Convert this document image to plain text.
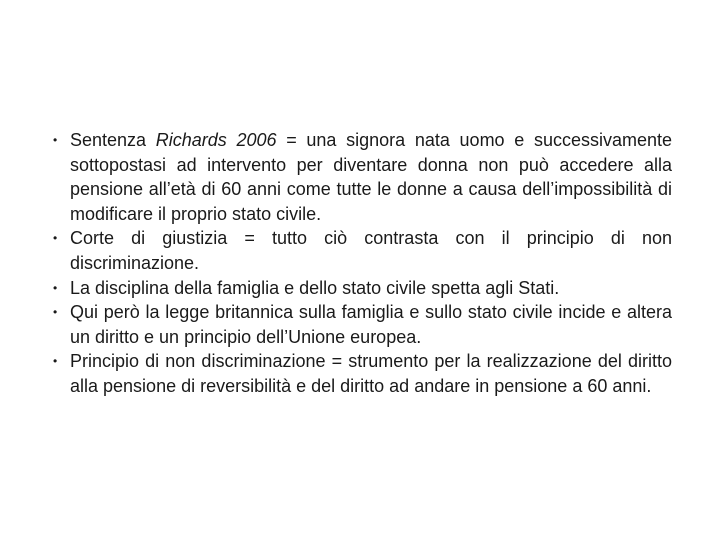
• Sentenza Richards 2006 = una signora nata uomo e successivamente sottopostasi ad intervento per diventare donna non può accedere alla pensione all’età di 60 anni come tutte le donne a causa dell’impossibilità di modificare il proprio stato civile.
• Corte di giustizia = tutto ciò contrasta con il principio di non discriminazione.
• La disciplina della famiglia e dello stato civile spetta agli Stati.
• Qui però la legge britannica sulla famiglia e sullo stato civile incide e altera un diritto e un principio dell’Unione europea.
• Principio di non discriminazione = strumento per la realizzazione del diritto alla pensione di reversibilità e del diritto ad andare in pensione a 60 anni.
